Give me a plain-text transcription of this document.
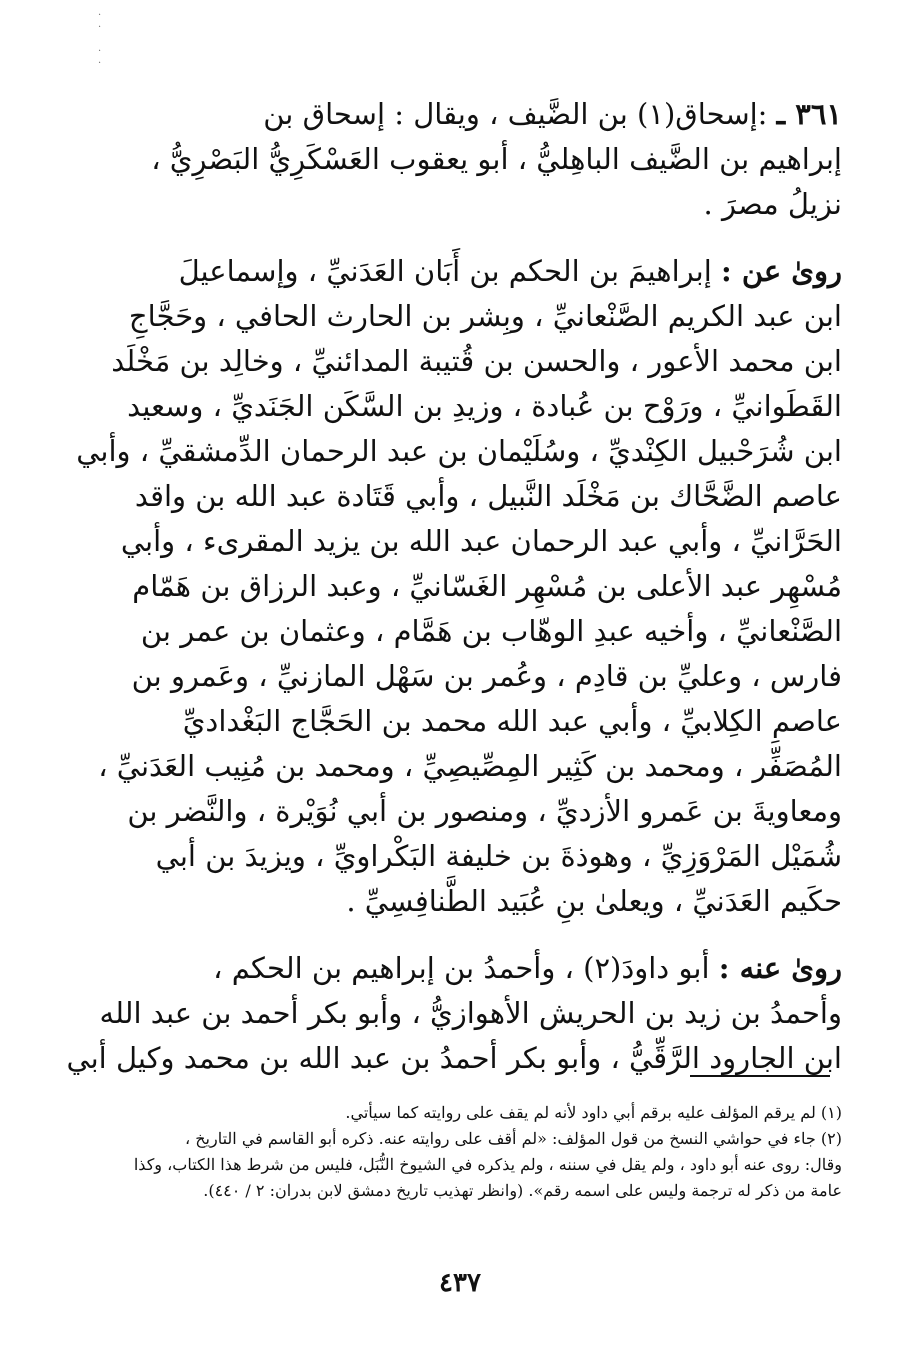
·
·

·
·
٣٦١ ـ :إسحاق(١) بن الضَّيف ، ويقال : إسحاق بن
إبراهيم بن الضَّيف الباهِليُّ ، أبو يعقوب العَسْكَرِيُّ البَصْرِيُّ ،
نزيلُ مصرَ .
روىٰ عن : إبراهيمَ بن الحكم بن أَبَان العَدَنيِّ ، وإسماعيلَ
ابن عبد الكريم الصَّنْعانيِّ ، وبِشر بن الحارث الحافي ، وحَجَّاجِ
ابن محمد الأعور ، والحسن بن قُتيبة المدائنيِّ ، وخالِد بن مَخْلَد
القَطَوانيِّ ، ورَوْح بن عُبادة ، وزيدِ بن السَّكَن الجَنَديِّ ، وسعيد
ابن شُرَحْبيل الكِنْديِّ ، وسُلَيْمان بن عبد الرحمان الدِّمشقيِّ ، وأبي
عاصم الضَّحَّاك بن مَخْلَد النَّبيل ، وأبي قَتَادة عبد الله بن واقد
الحَرَّانيِّ ، وأبي عبد الرحمان عبد الله بن يزيد المقرىء ، وأبي
مُسْهِر عبد الأعلى بن مُسْهِر الغَسّانيِّ ، وعبد الرزاق بن هَمّام
الصَّنْعانيِّ ، وأخيه عبدِ الوهّاب بن هَمَّام ، وعثمان بن عمر بن
فارس ، وعليِّ بن قادِم ، وعُمر بن سَهْل المازنيِّ ، وعَمرو بن
عاصمِ الكِلابيِّ ، وأبي عبد الله محمد بن الحَجَّاج البَغْداديِّ
المُصَفِّر ، ومحمد بن كَثِير المِصِّيصِيِّ ، ومحمد بن مُنِيب العَدَنيِّ ،
ومعاويةَ بن عَمرو الأزديِّ ، ومنصور بن أبي نُوَيْرة ، والنَّضر بن
شُمَيْل المَرْوَزِيِّ ، وهوذةَ بن خليفة البَكْراويِّ ، ويزيدَ بن أبي
حكَيم العَدَنيِّ ، ويعلىٰ بنِ عُبَيد الطَّنافِسِيِّ .
روىٰ عنه : أبو داودَ(٢) ، وأحمدُ بن إبراهيم بن الحكم ،
وأحمدُ بن زيد بن الحريش الأهوازيُّ ، وأبو بكر أحمد بن عبد الله
ابن الجارود الرَّقِّيُّ ، وأبو بكر أحمدُ بن عبد الله بن محمد وكيل أبي
(١) لم يرقم المؤلف عليه برقم أبي داود لأنه لم يقف على روايته كما سيأتي.
(٢) جاء في حواشي النسخ من قول المؤلف: «لم أقف على روايته عنه. ذكره أبو القاسم في التاريخ ،
وقال: روى عنه أبو داود ، ولم يقل في سننه ، ولم يذكره في الشيوخ النُّبَل، فليس من شرط هذا الكتاب، وكذا
عامة من ذكر له ترجمة وليس على اسمه رقم». (وانظر تهذيب تاريخ دمشق لابن بدران: ٢ / ٤٤٠).
٤٣٧
